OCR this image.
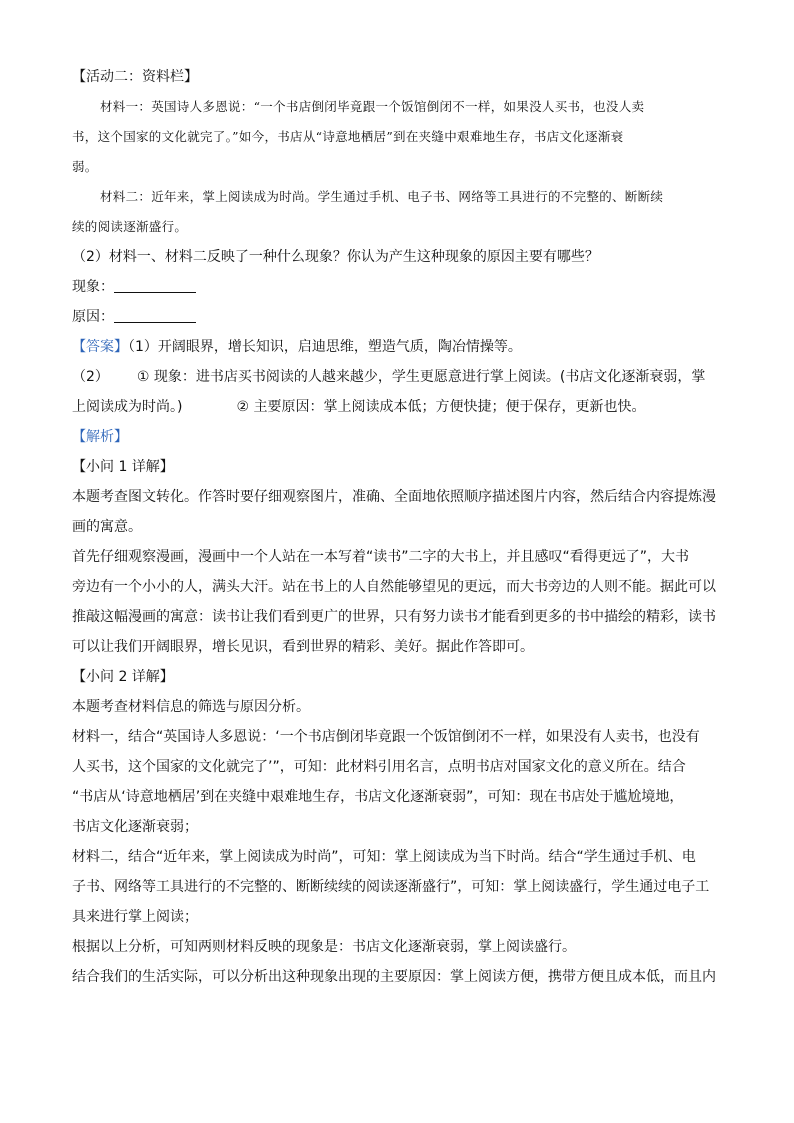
【活动二：资料栏】
材料一：英国诗人多恩说：“一个书店倒闭毕竟跟一个饭馆倒闭不一样，如果没人买书，也没人卖
书，这个国家的文化就完了。”如今，书店从“诗意地栖居”到在夹缝中艰难地生存，书店文化逐渐衰
弱。
材料二：近年来，掌上阅读成为时尚。学生通过手机、电子书、网络等工具进行的不完整的、断断续
续的阅读逐渐盛行。
（2）材料一、材料二反映了一种什么现象？你认为产生这种现象的原因主要有哪些？
现象：
原因：
【答案】（1）开阔眼界，增长知识，启迪思维，塑造气质，陶冶情操等。
（2） ① 现象：进书店买书阅读的人越来越少，学生更愿意进行掌上阅读。(书店文化逐渐衰弱，掌
上阅读成为时尚。)	② 主要原因：掌上阅读成本低；方便快捷；便于保存，更新也快。
【解析】
【小问 1 详解】
本题考查图文转化。作答时要仔细观察图片，准确、全面地依照顺序描述图片内容，然后结合内容提炼漫
画的寓意。
首先仔细观察漫画，漫画中一个人站在一本写着“读书”二字的大书上，并且感叹“看得更远了”，大书
旁边有一个小小的人，满头大汗。站在书上的人自然能够望见的更远，而大书旁边的人则不能。据此可以
推敲这幅漫画的寓意：读书让我们看到更广的世界，只有努力读书才能看到更多的书中描绘的精彩，读书
可以让我们开阔眼界，增长见识，看到世界的精彩、美好。据此作答即可。
【小问 2 详解】
本题考查材料信息的筛选与原因分析。
材料一，结合“英国诗人多恩说：‘一个书店倒闭毕竟跟一个饭馆倒闭不一样，如果没有人卖书，也没有
人买书，这个国家的文化就完了’”，可知：此材料引用名言，点明书店对国家文化的意义所在。结合
“书店从‘诗意地栖居’到在夹缝中艰难地生存，书店文化逐渐衰弱”，可知：现在书店处于尴尬境地，
书店文化逐渐衰弱；
材料二，结合“近年来，掌上阅读成为时尚”，可知：掌上阅读成为当下时尚。结合“学生通过手机、电
子书、网络等工具进行的不完整的、断断续续的阅读逐渐盛行”，可知：掌上阅读盛行，学生通过电子工
具来进行掌上阅读；
根据以上分析，可知两则材料反映的现象是：书店文化逐渐衰弱，掌上阅读盛行。
结合我们的生活实际，可以分析出这种现象出现的主要原因：掌上阅读方便，携带方便且成本低，而且内
